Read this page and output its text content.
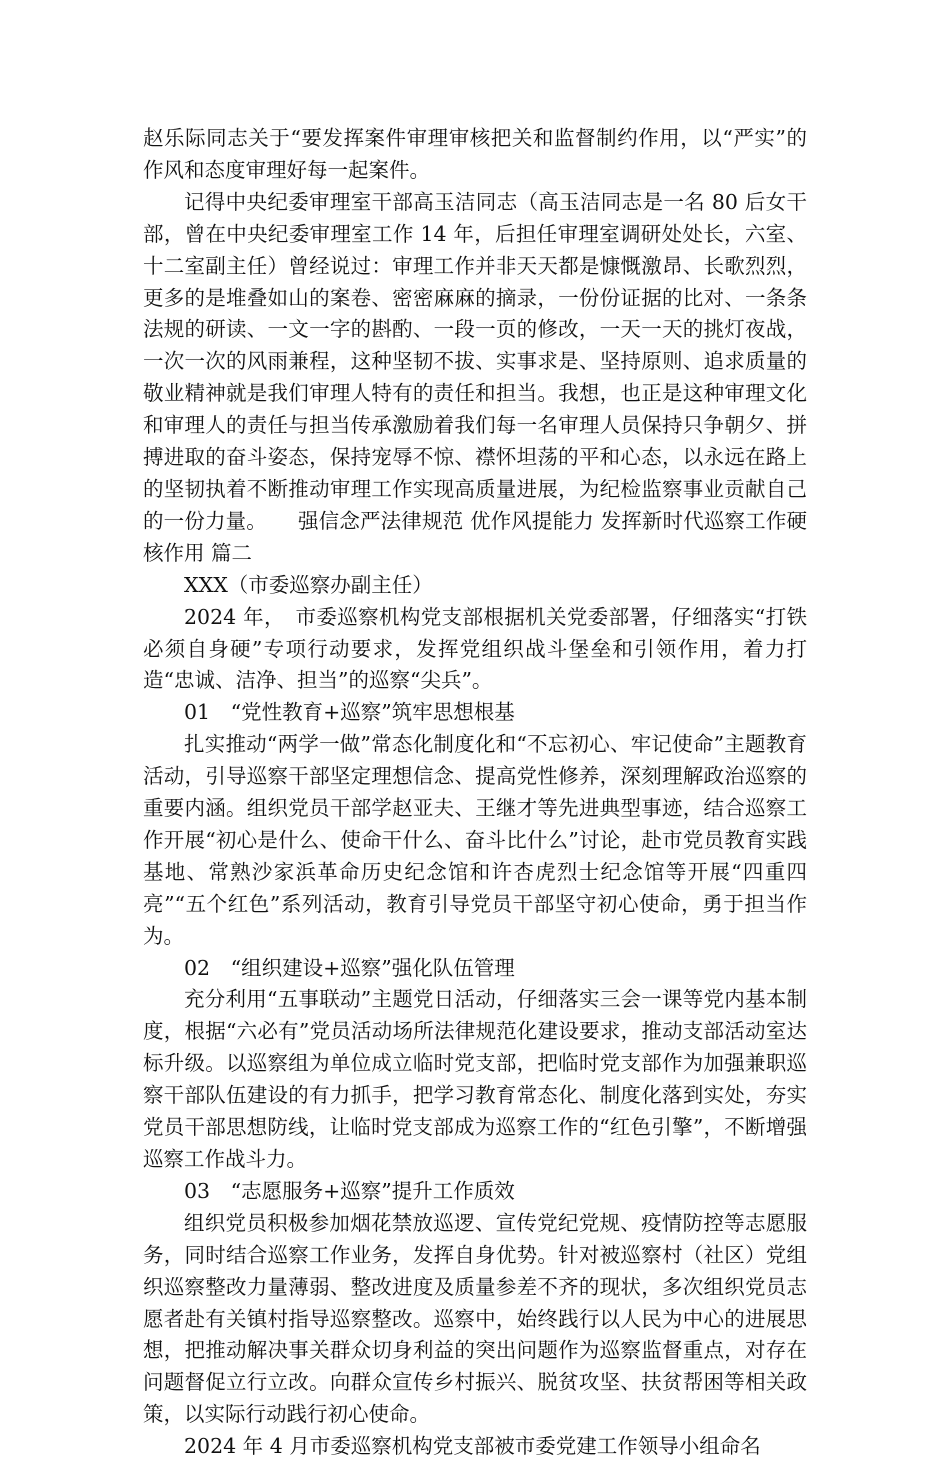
赵乐际同志关于“要发挥案件审理审核把关和监督制约作用，以“严实”的作风和态度审理好每一起案件。

记得中央纪委审理室干部高玉洁同志（高玉洁同志是一名 80 后女干部，曾在中央纪委审理室工作 14 年，后担任审理室调研处处长，六室、十二室副主任）曾经说过：审理工作并非天天都是慷慨激昂、长歌烈烈，更多的是堆叠如山的案卷、密密麻麻的摘录，一份份证据的比对、一条条法规的研读、一文一字的斟酌、一段一页的修改，一天一天的挑灯夜战，一次一次的风雨兼程，这种坚韧不拔、实事求是、坚持原则、追求质量的敬业精神就是我们审理人特有的责任和担当。我想，也正是这种审理文化和审理人的责任与担当传承激励着我们每一名审理人员保持只争朝夕、拼搏进取的奋斗姿态，保持宠辱不惊、襟怀坦荡的平和心态，以永远在路上的坚韧执着不断推动审理工作实现高质量进展，为纪检监察事业贡献自己的一份力量。　　强信念严法律规范 优作风提能力 发挥新时代巡察工作硬核作用 篇二

XXX（市委巡察办副主任）

2024 年，　市委巡察机构党支部根据机关党委部署，仔细落实“打铁必须自身硬”专项行动要求，发挥党组织战斗堡垒和引领作用，着力打造“忠诚、洁净、担当”的巡察“尖兵”。

01　“党性教育+巡察”筑牢思想根基

扎实推动“两学一做”常态化制度化和“不忘初心、牢记使命”主题教育活动，引导巡察干部坚定理想信念、提高党性修养，深刻理解政治巡察的重要内涵。组织党员干部学赵亚夫、王继才等先进典型事迹，结合巡察工作开展“初心是什么、使命干什么、奋斗比什么”讨论，赴市党员教育实践基地、常熟沙家浜革命历史纪念馆和许杏虎烈士纪念馆等开展“四重四亮”“五个红色”系列活动，教育引导党员干部坚守初心使命，勇于担当作为。

02　“组织建设+巡察”强化队伍管理

充分利用“五事联动”主题党日活动，仔细落实三会一课等党内基本制度，根据“六必有”党员活动场所法律规范化建设要求，推动支部活动室达标升级。以巡察组为单位成立临时党支部，把临时党支部作为加强兼职巡察干部队伍建设的有力抓手，把学习教育常态化、制度化落到实处，夯实党员干部思想防线，让临时党支部成为巡察工作的“红色引擎”，不断增强巡察工作战斗力。

03　“志愿服务+巡察”提升工作质效

组织党员积极参加烟花禁放巡逻、宣传党纪党规、疫情防控等志愿服务，同时结合巡察工作业务，发挥自身优势。针对被巡察村（社区）党组织巡察整改力量薄弱、整改进度及质量参差不齐的现状，多次组织党员志愿者赴有关镇村指导巡察整改。巡察中，始终践行以人民为中心的进展思想，把推动解决事关群众切身利益的突出问题作为巡察监督重点，对存在问题督促立行立改。向群众宣传乡村振兴、脱贫攻坚、扶贫帮困等相关政策，以实际行动践行初心使命。

2024 年 4 月市委巡察机构党支部被市委党建工作领导小组命名
